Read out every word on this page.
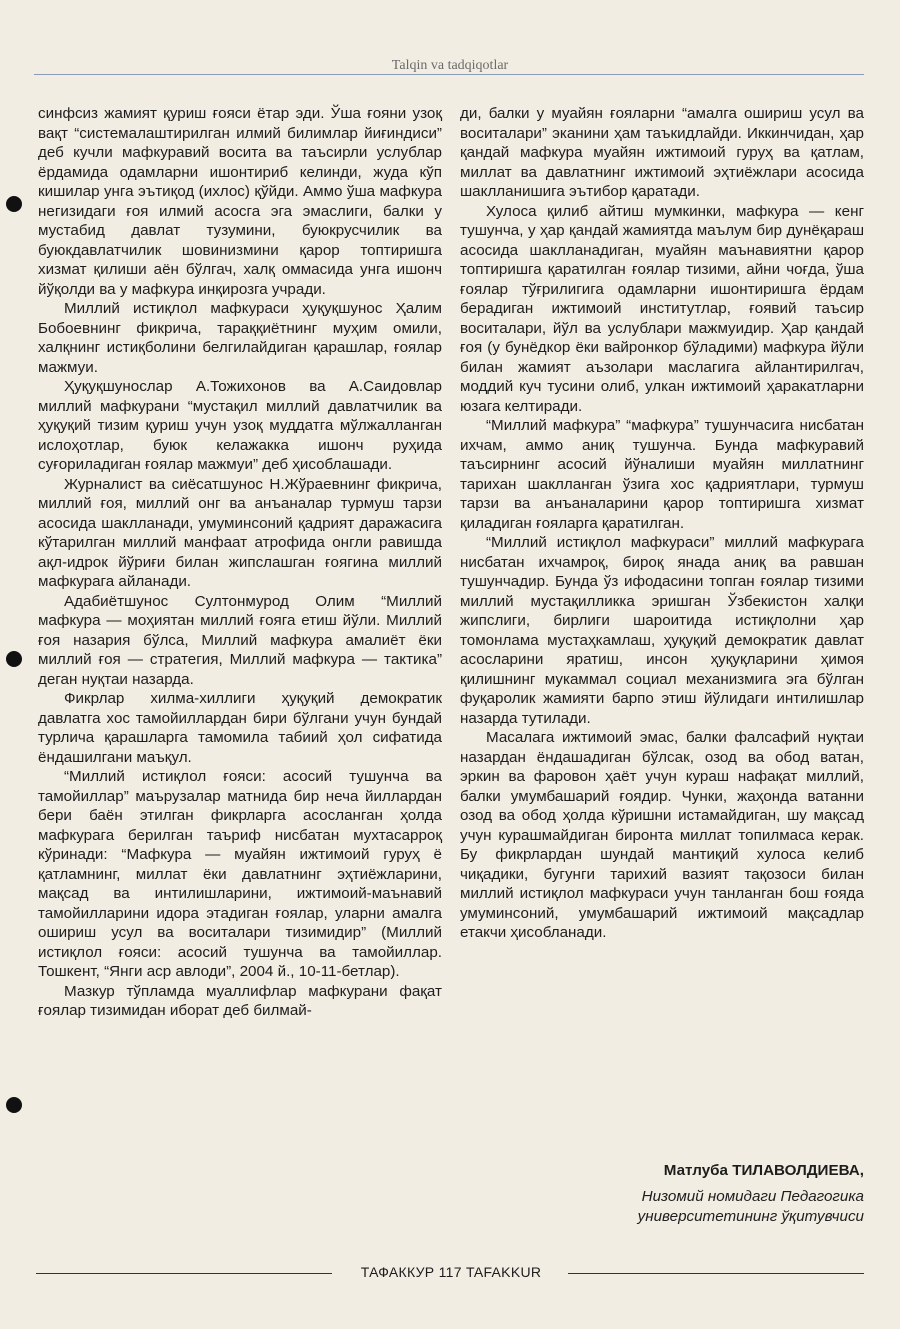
Talqin va tadqiqotlar

синфсиз жамият қуриш ғояси ётар эди. Ўша ғояни узоқ вақт “системалаштирилган илмий билимлар йиғиндиси” деб кучли мафкуравий восита ва таъсирли услублар ёрдамида одамларни ишонтириб келинди, жуда кўп кишилар унга эътиқод (ихлос) қўйди. Аммо ўша мафкура негизидаги ғоя илмий асосга эга эмаслиги, балки у мустабид давлат тузумини, буюкрусчилик ва буюкдавлатчилик шовинизмини қарор топтиришга хизмат қилиши аён бўлгач, халқ оммасида унга ишонч йўқолди ва у мафкура инқирозга учради.

Миллий истиқлол мафкураси ҳуқуқшунос Ҳалим Бобоевнинг фикрича, тараққиётнинг муҳим омили, халқнинг истиқболини белгилайдиган қарашлар, ғоялар мажмуи.

Ҳуқуқшунослар А.Тожихонов ва А.Саидовлар миллий мафкурани “мустақил миллий давлатчилик ва ҳуқуқий тизим қуриш учун узоқ муддатга мўлжалланган ислоҳотлар, буюк келажакка ишонч руҳида суғориладиган ғоялар мажмуи” деб ҳисоблашади.

Журналист ва сиёсатшунос Н.Жўраевнинг фикрича, миллий ғоя, миллий онг ва анъаналар турмуш тарзи асосида шаклланади, умуминсоний қадрият даражасига кўтарилган миллий манфаат атрофида онгли равишда ақл-идрок йўриғи билан жипслашган ғоягина миллий мафкурага айланади.

Адабиётшунос Султонмурод Олим “Миллий мафкура — моҳиятан миллий ғояга етиш йўли. Миллий ғоя назария бўлса, Миллий мафкура амалиёт ёки миллий ғоя — стратегия, Миллий мафкура — тактика” деган нуқтаи назарда.

Фикрлар хилма-хиллиги ҳуқуқий демократик давлатга хос тамойиллардан бири бўлгани учун бундай турлича қарашларга тамомила табиий ҳол сифатида ёндашилгани маъқул.

“Миллий истиқлол ғояси: асосий тушунча ва тамойиллар” маърузалар матнида бир неча йиллардан бери баён этилган фикрларга асосланган ҳолда мафкурага берилган таъриф нисбатан мухтасарроқ кўринади: “Мафкура — муайян ижтимоий гуруҳ ё қатламнинг, миллат ёки давлатнинг эҳтиёжларини, мақсад ва интилишларини, ижтимоий-маънавий тамойилларини идора этадиган ғоялар, уларни амалга ошириш усул ва воситалари тизимидир” (Миллий истиқлол ғояси: асосий тушунча ва тамойиллар. Тошкент, “Янги аср авлоди”, 2004 й., 10-11-бетлар).

Мазкур тўпламда муаллифлар мафкурани фақат ғоялар тизимидан иборат деб билмай-

ди, балки у муайян ғояларни “амалга ошириш усул ва воситалари” эканини ҳам таъкидлайди. Иккинчидан, ҳар қандай мафкура муайян ижтимоий гуруҳ ва қатлам, миллат ва давлатнинг ижтимоий эҳтиёжлари асосида шаклланишига эътибор қаратади.

Хулоса қилиб айтиш мумкинки, мафкура — кенг тушунча, у ҳар қандай жамиятда маълум бир дунёқараш асосида шаклланадиган, муайян маънавиятни қарор топтиришга қаратилган ғоялар тизими, айни чоғда, ўша ғоялар тўғрилигига одамларни ишонтиришга ёрдам берадиган ижтимоий институтлар, ғоявий таъсир воситалари, йўл ва услублари мажмуидир. Ҳар қандай ғоя (у бунёдкор ёки вайронкор бўладими) мафкура йўли билан жамият аъзолари маслагига айлантирилгач, моддий куч тусини олиб, улкан ижтимоий ҳаракатларни юзага келтиради.

“Миллий мафкура” “мафкура” тушунчасига нисбатан ихчам, аммо аниқ тушунча. Бунда мафкуравий таъсирнинг асосий йўналиши муайян миллатнинг тарихан шаклланган ўзига хос қадриятлари, турмуш тарзи ва анъаналарини қарор топтиришга хизмат қиладиган ғояларга қаратилган.

“Миллий истиқлол мафкураси” миллий мафкурага нисбатан ихчамроқ, бироқ янада аниқ ва равшан тушунчадир. Бунда ўз ифодасини топган ғоялар тизими миллий мустақилликка эришган Ўзбекистон халқи жипслиги, бирлиги шароитида истиқлолни ҳар томонлама мустаҳкамлаш, ҳуқуқий демократик давлат асосларини яратиш, инсон ҳуқуқларини ҳимоя қилишнинг мукаммал социал механизмига эга бўлган фуқаролик жамияти барпо этиш йўлидаги интилишлар назарда тутилади.

Масалага ижтимоий эмас, балки фалсафий нуқтаи назардан ёндашадиган бўлсак, озод ва обод ватан, эркин ва фаровон ҳаёт учун кураш нафақат миллий, балки умумбашарий ғоядир. Чунки, жаҳонда ватанни озод ва обод ҳолда кўришни истамайдиган, шу мақсад учун курашмайдиган биронта миллат топилмаса керак. Бу фикрлардан шундай мантиқий хулоса келиб чиқадики, бугунги тарихий вазият тақозоси билан миллий истиқлол мафкураси учун танланган бош ғояда умуминсоний, умумбашарий ижтимоий мақсадлар етакчи ҳисобланади.

Матлуба ТИЛАВОЛДИЕВА,
Низомий номидаги Педагогика
университетининг ўқитувчиси
ТАФАККУР 117 TAFAKKUR
